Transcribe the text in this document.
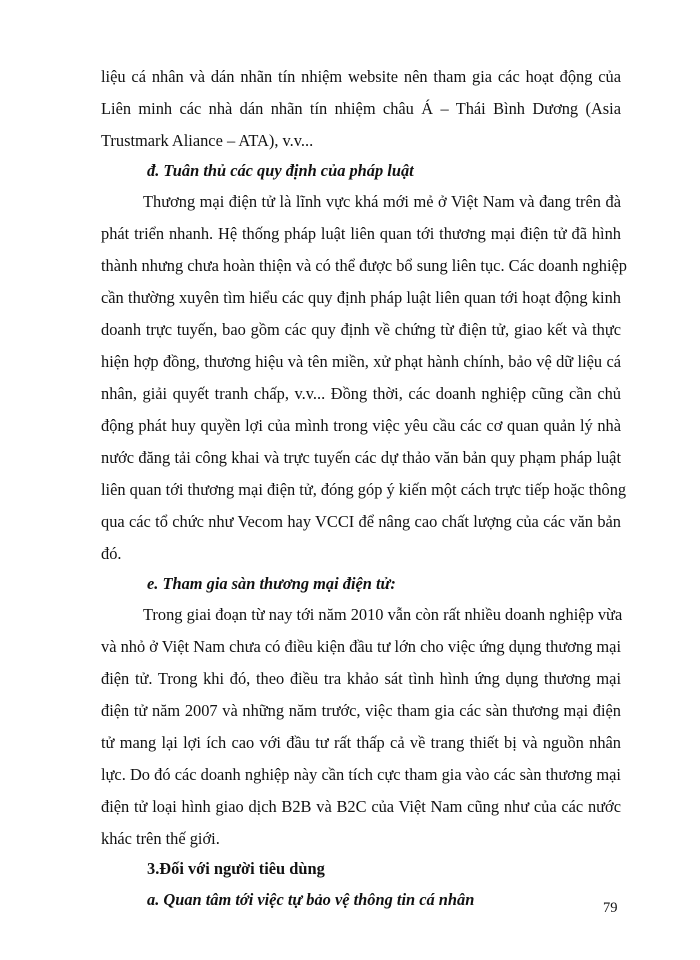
liệu cá nhân và dán nhãn tín nhiệm website nên tham gia các hoạt động của
Liên minh các nhà dán nhãn tín nhiệm châu Á – Thái Bình Dương (Asia
Trustmark Aliance – ATA), v.v...
đ. Tuân thủ các quy định của pháp luật
Thương mại điện tử là lĩnh vực khá mới mẻ ở Việt Nam và đang trên đà
phát triển nhanh. Hệ thống pháp luật liên quan tới thương mại điện tử đã hình
thành nhưng chưa hoàn thiện và có thể được bổ sung liên tục. Các doanh nghiệp
cần thường xuyên tìm hiểu các quy định pháp luật liên quan tới hoạt động kinh
doanh trực tuyến, bao gồm các quy định về chứng từ điện tử, giao kết và thực
hiện hợp đồng, thương hiệu và tên miền, xử phạt hành chính, bảo vệ dữ liệu cá
nhân, giải quyết tranh chấp, v.v... Đồng thời, các doanh nghiệp cũng cần chủ
động phát huy quyền lợi của mình trong việc yêu cầu các cơ quan quản lý nhà
nước đăng tải công khai và trực tuyến các dự thảo văn bản quy phạm pháp luật
liên quan tới thương mại điện tử, đóng góp ý kiến một cách trực tiếp hoặc thông
qua các tổ chức như Vecom hay VCCI để nâng cao chất lượng của các văn bản
đó.
e. Tham gia sàn thương mại điện tử:
Trong giai đoạn từ nay tới năm 2010 vẫn còn rất nhiều doanh nghiệp vừa
và nhỏ ở Việt Nam chưa có điều kiện đầu tư lớn cho việc ứng dụng thương mại
điện tử. Trong khi đó, theo điều tra khảo sát tình hình ứng dụng thương mại
điện tử năm 2007 và những năm trước, việc tham gia các sàn thương mại điện
tử mang lại lợi ích cao với đầu tư rất thấp cả về trang thiết bị và nguồn nhân
lực. Do đó các doanh nghiệp này cần tích cực tham gia vào các sàn thương mại
điện tử loại hình giao dịch B2B và B2C của Việt Nam cũng như của các nước
khác trên thế giới.
3.Đối với người tiêu dùng
a. Quan tâm tới việc tự bảo vệ thông tin cá nhân	79
